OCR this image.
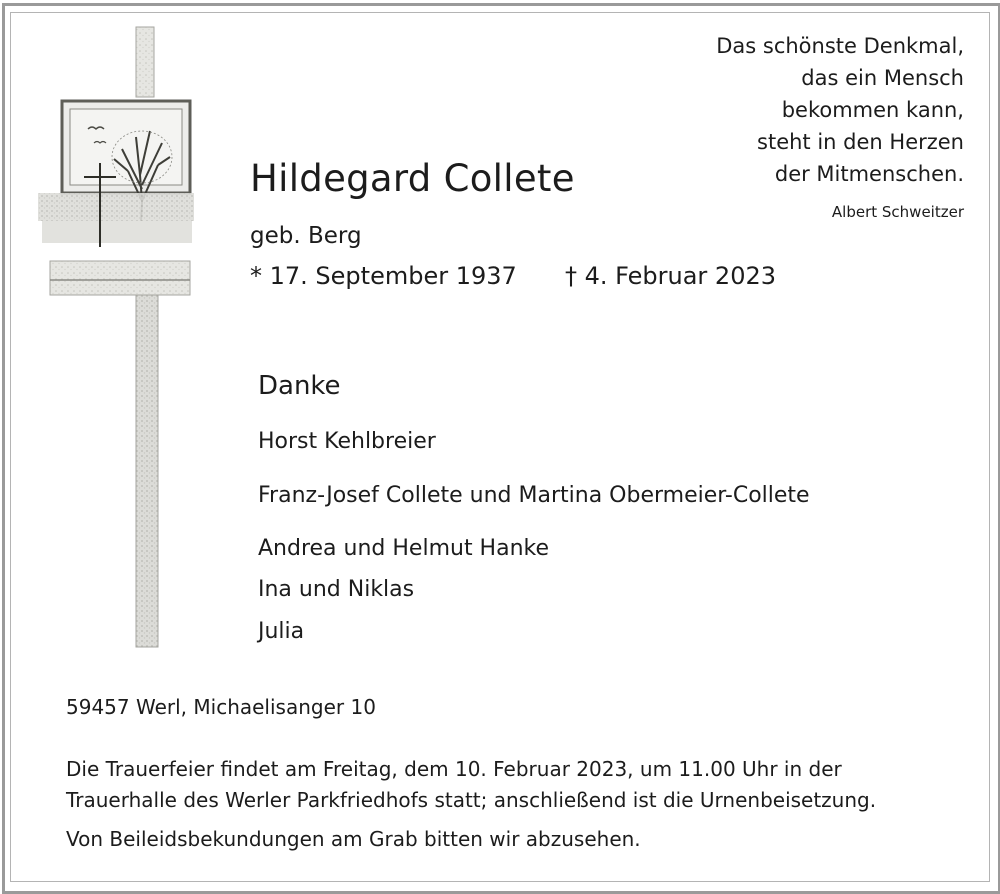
Das schönste Denkmal,
das ein Mensch
bekommen kann,
steht in den Herzen
der Mitmenschen.
Albert Schweitzer
Hildegard Collete
geb. Berg
* 17. September 1937 † 4. Februar 2023
Danke
Horst Kehlbreier
Franz-Josef Collete und Martina Obermeier-Collete
Andrea und Helmut Hanke
Ina und Niklas
Julia
59457 Werl, Michaelisanger 10
Die Trauerfeier findet am Freitag, dem 10. Februar 2023, um 11.00 Uhr in der
Trauerhalle des Werler Parkfriedhofs statt; anschließend ist die Urnenbeisetzung.
Von Beileidsbekundungen am Grab bitten wir abzusehen.
